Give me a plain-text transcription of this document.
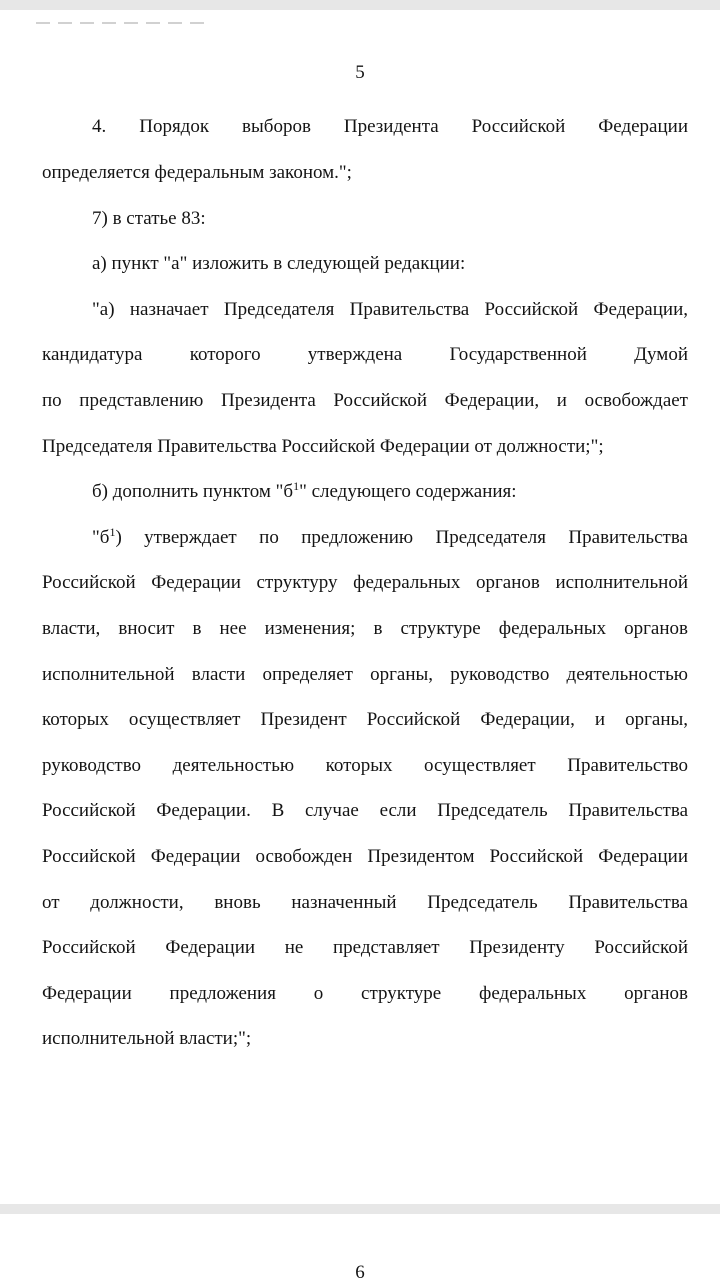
5
4. Порядок выборов Президента Российской Федерации
определяется федеральным законом.";
7) в статье 83:
а) пункт "а" изложить в следующей редакции:
"а) назначает Председателя Правительства Российской Федерации,
кандидатура которого утверждена Государственной Думой
по представлению Президента Российской Федерации, и освобождает
Председателя Правительства Российской Федерации от должности;";
б) дополнить пунктом "$б^1$" следующего содержания:
"$б^1$) утверждает по предложению Председателя Правительства
Российской Федерации структуру федеральных органов исполнительной
власти, вносит в нее изменения; в структуре федеральных органов
исполнительной власти определяет органы, руководство деятельностью
которых осуществляет Президент Российской Федерации, и органы,
руководство деятельностью которых осуществляет Правительство
Российской Федерации. В случае если Председатель Правительства
Российской Федерации освобожден Президентом Российской Федерации
от должности, вновь назначенный Председатель Правительства
Российской Федерации не представляет Президенту Российской
Федерации предложения о структуре федеральных органов
исполнительной власти;";
6
